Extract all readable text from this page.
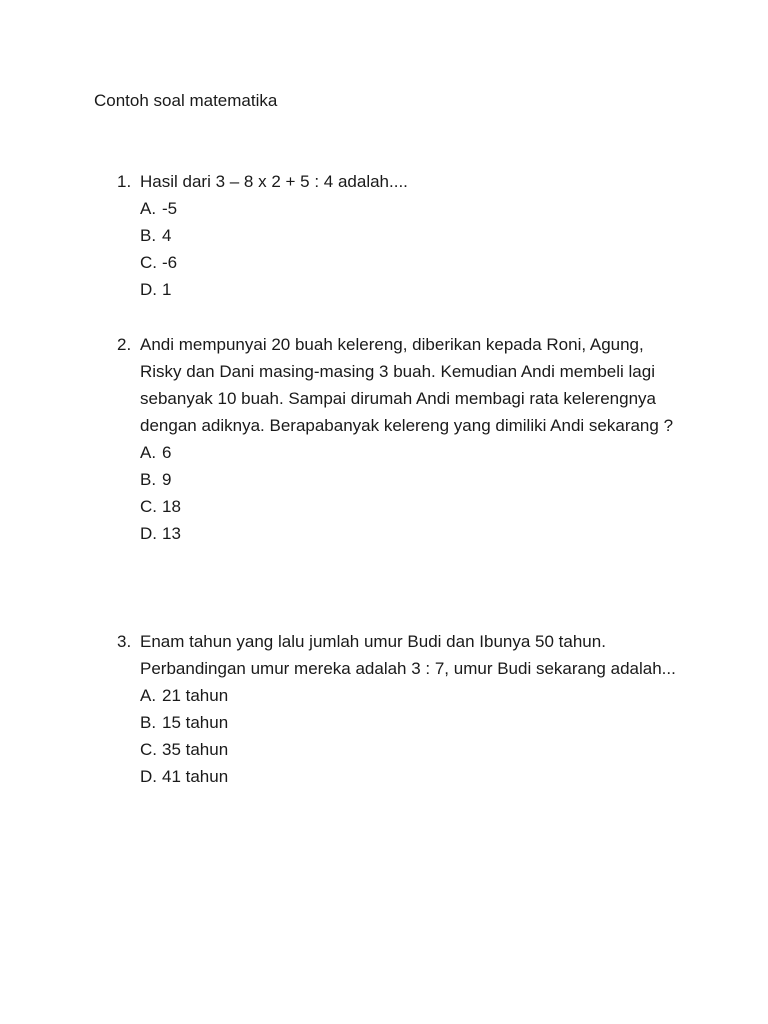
Contoh soal matematika
1. Hasil dari 3 – 8 x 2 + 5 : 4 adalah....
A. -5
B. 4
C. -6
D. 1
2. Andi mempunyai 20 buah kelereng, diberikan kepada Roni, Agung, Risky dan Dani masing-masing 3 buah. Kemudian Andi membeli lagi sebanyak 10 buah. Sampai dirumah Andi membagi rata kelerengnya dengan adiknya. Berapabanyak kelereng yang dimiliki Andi sekarang ?
A. 6
B. 9
C. 18
D. 13
3. Enam tahun yang lalu jumlah umur Budi dan Ibunya 50 tahun. Perbandingan umur mereka adalah 3 : 7, umur Budi sekarang adalah...
A. 21 tahun
B. 15 tahun
C. 35 tahun
D. 41 tahun
